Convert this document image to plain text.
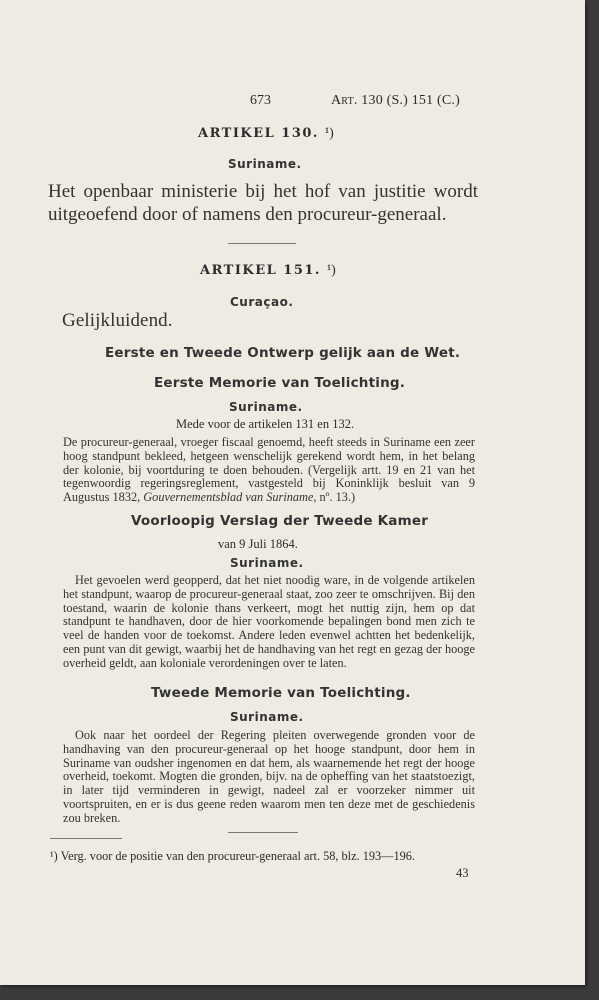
673	Art. 130 (S.) 151 (C.)

ARTIKEL 130. ¹)

Suriname.

Het openbaar ministerie bij het hof van justitie wordt uitgeoefend door of namens den procureur-generaal.

ARTIKEL 151. ¹)

Curaçao.

Gelijkluidend.

Eerste en Tweede Ontwerp gelijk aan de Wet.

Eerste Memorie van Toelichting.

Suriname.

Mede voor de artikelen 131 en 132.

De procureur-generaal, vroeger fiscaal genoemd, heeft steeds in Suriname een zeer hoog standpunt bekleed, hetgeen wenschelijk gerekend wordt hem, in het belang der kolonie, bij voortduring te doen behouden. (Vergelijk artt. 19 en 21 van het tegenwoordig regeringsreglement, vastgesteld bij Koninklijk besluit van 9 Augustus 1832, Gouvernementsblad van Suriname, nº. 13.)

Voorloopig Verslag der Tweede Kamer

van 9 Juli 1864.

Suriname.

Het gevoelen werd geopperd, dat het niet noodig ware, in de volgende artikelen het standpunt, waarop de procureur-generaal staat, zoo zeer te omschrijven. Bij den toestand, waarin de kolonie thans verkeert, mogt het nuttig zijn, hem op dat standpunt te handhaven, door de hier voorkomende bepalingen bond men zich te veel de handen voor de toekomst. Andere leden evenwel achtten het bedenkelijk, een punt van dit gewigt, waarbij het de handhaving van het regt en gezag der hooge overheid geldt, aan koloniale verordeningen over te laten.

Tweede Memorie van Toelichting.

Suriname.

Ook naar het oordeel der Regering pleiten overwegende gronden voor de handhaving van den procureur-generaal op het hooge standpunt, door hem in Suriname van oudsher ingenomen en dat hem, als waarnemende het regt der hooge overheid, toekomt. Mogten die gronden, bijv. na de opheffing van het staatstoezigt, in later tijd verminderen in gewigt, nadeel zal er voorzeker nimmer uit voortspruiten, en er is dus geene reden waarom men ten deze met de geschiedenis zou breken.

¹) Verg. voor de positie van den procureur-generaal art. 58, blz. 193—196.

43
